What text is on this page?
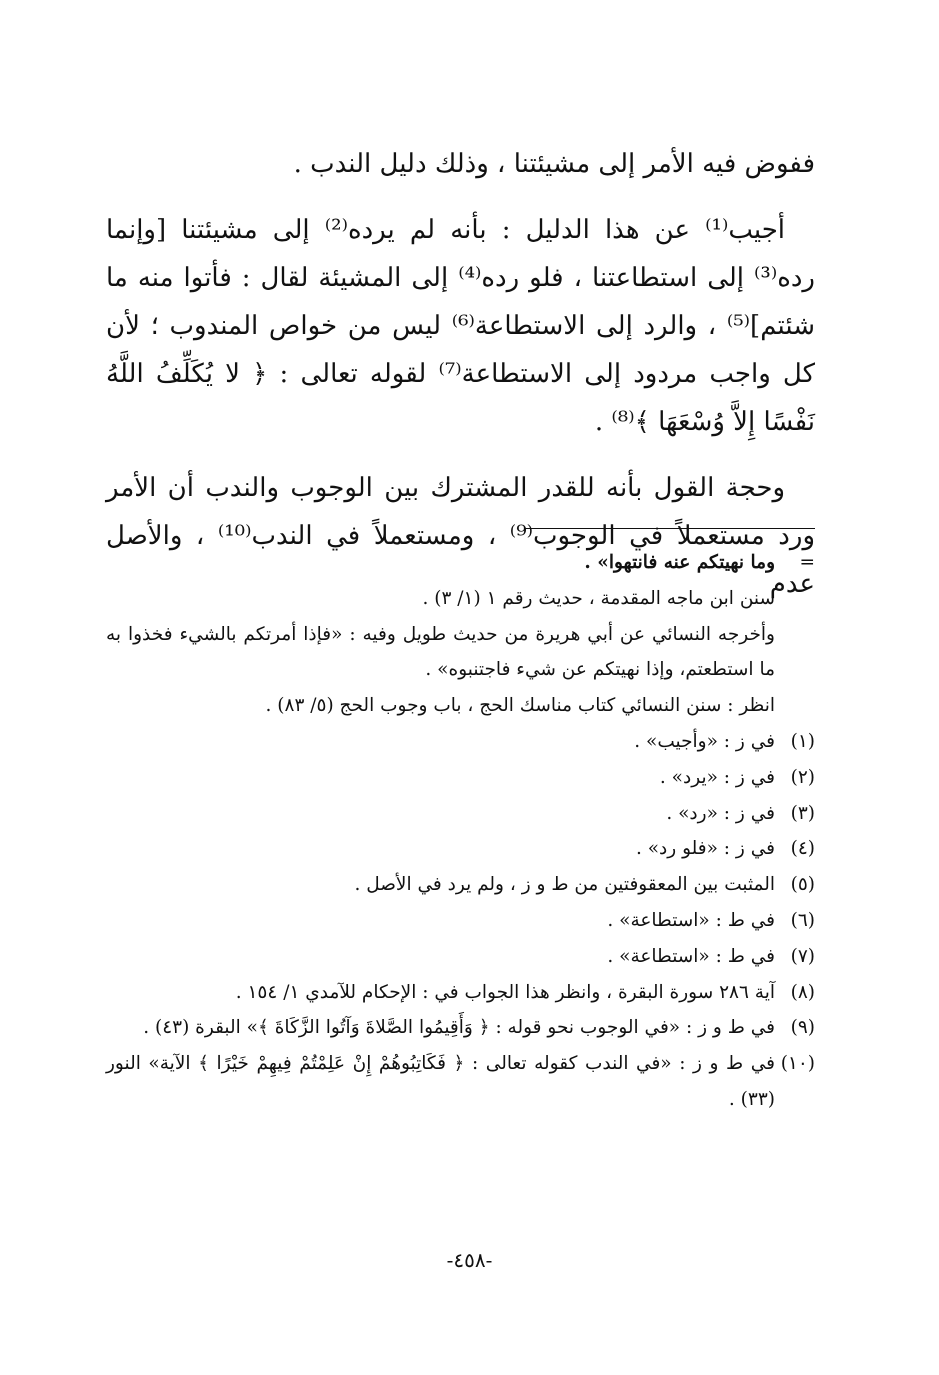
ففوض فيه الأمر إلى مشيئتنا ، وذلك دليل الندب .

أجيب⁽¹⁾ عن هذا الدليل : بأنه لم يرده⁽²⁾ إلى مشيئتنا [وإنما رده⁽³⁾ إلى استطاعتنا ، فلو رده⁽⁴⁾ إلى المشيئة لقال : فأتوا منه ما شئتم]⁽⁵⁾ ، والرد إلى الاستطاعة⁽⁶⁾ ليس من خواص المندوب ؛ لأن كل واجب مردود إلى الاستطاعة⁽⁷⁾ لقوله تعالى : ﴿ لا يُكَلِّفُ اللَّهُ نَفْسًا إِلاَّ وُسْعَهَا ﴾⁽⁸⁾ .

وحجة القول بأنه للقدر المشترك بين الوجوب والندب أن الأمر ورد مستعملاً في الوجوب⁽⁹⁾ ، ومستعملاً في الندب⁽¹⁰⁾ ، والأصل عدم

=
وما نهيتكم عنه فانتهوا» .

سنن ابن ماجه المقدمة ، حديث رقم ١ (١/ ٣) .

وأخرجه النسائي عن أبي هريرة من حديث طويل وفيه : «فإذا أمرتكم بالشيء فخذوا به ما استطعتم، وإذا نهيتكم عن شيء فاجتنبوه» .

انظر : سنن النسائي كتاب مناسك الحج ، باب وجوب الحج (٥/ ٨٣) .

(١)
في ز : «وأجيب» .

(٢)
في ز : «يرد» .

(٣)
في ز : «رد» .

(٤)
في ز : «فلو رد» .

(٥)
المثبت بين المعقوفتين من ط و ز ، ولم يرد في الأصل .

(٦)
في ط : «استطاعة» .

(٧)
في ط : «استطاعة» .

(٨)
آية ٢٨٦ سورة البقرة ، وانظر هذا الجواب في : الإحكام للآمدي ١/ ١٥٤ .

(٩)
في ط و ز : «في الوجوب نحو قوله : ﴿ وَأَقِيمُوا الصَّلاةَ وَآتُوا الزَّكَاةَ ﴾» البقرة (٤٣) .

(١٠)
في ط و ز : «في الندب كقوله تعالى : ﴿ فَكَاتِبُوهُمْ إِنْ عَلِمْتُمْ فِيهِمْ خَيْرًا ﴾ الآية» النور (٣٣) .

-٤٥٨-
